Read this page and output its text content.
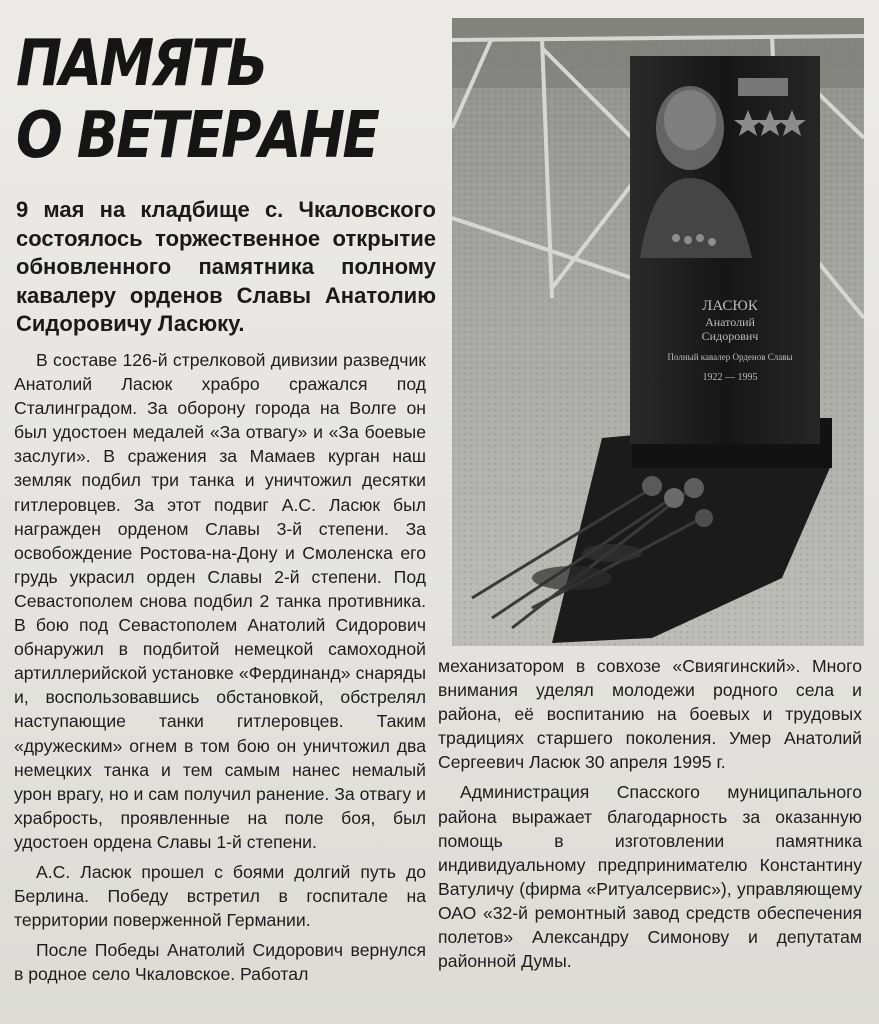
ПАМЯТЬ
О ВЕТЕРАНЕ
9 мая на кладбище с. Чкаловского состоялось торжественное открытие обновленного памятника полному кавалеру орденов Славы Анатолию Сидоровичу Ласюку.

В составе 126-й стрелковой дивизии разведчик Анатолий Ласюк храбро сражался под Сталинградом. За оборону города на Волге он был удостоен медалей «За отвагу» и «За боевые заслуги». В сражения за Мамаев курган наш земляк подбил три танка и уничтожил десятки гитлеровцев. За этот подвиг А.С. Ласюк был награжден орденом Славы 3-й степени. За освобождение Ростова-на-Дону и Смоленска его грудь украсил орден Славы 2-й степени. Под Севастополем снова подбил 2 танка противника. В бою под Севастополем Анатолий Сидорович обнаружил в подбитой немецкой самоходной артиллерийской установке «Фердинанд» снаряды и, воспользовавшись обстановкой, обстрелял наступающие танки гитлеровцев. Таким «дружеским» огнем в том бою он уничтожил два немецких танка и тем самым нанес немалый урон врагу, но и сам получил ранение. За отвагу и храбрость, проявленные на поле боя, был удостоен ордена Славы 1-й степени.

А.С. Ласюк прошел с боями долгий путь до Берлина. Победу встретил в госпитале на территории поверженной Германии.

После Победы Анатолий Сидорович вернулся в родное село Чкаловское. Работал

ЛАСЮК
Анатолий
Сидорович
Полный кавалер Орденов Славы
1922 — 1995

механизатором в совхозе «Свиягинский». Много внимания уделял молодежи родного села и района, её воспитанию на боевых и трудовых традициях старшего поколения. Умер Анатолий Сергеевич Ласюк 30 апреля 1995 г.

Администрация Спасского муниципального района выражает благодарность за оказанную помощь в изготовлении памятника индивидуальному предпринимателю Константину Ватуличу (фирма «Ритуалсервис»), управляющему ОАО «32-й ремонтный завод средств обеспечения полетов» Александру Симонову и депутатам районной Думы.
